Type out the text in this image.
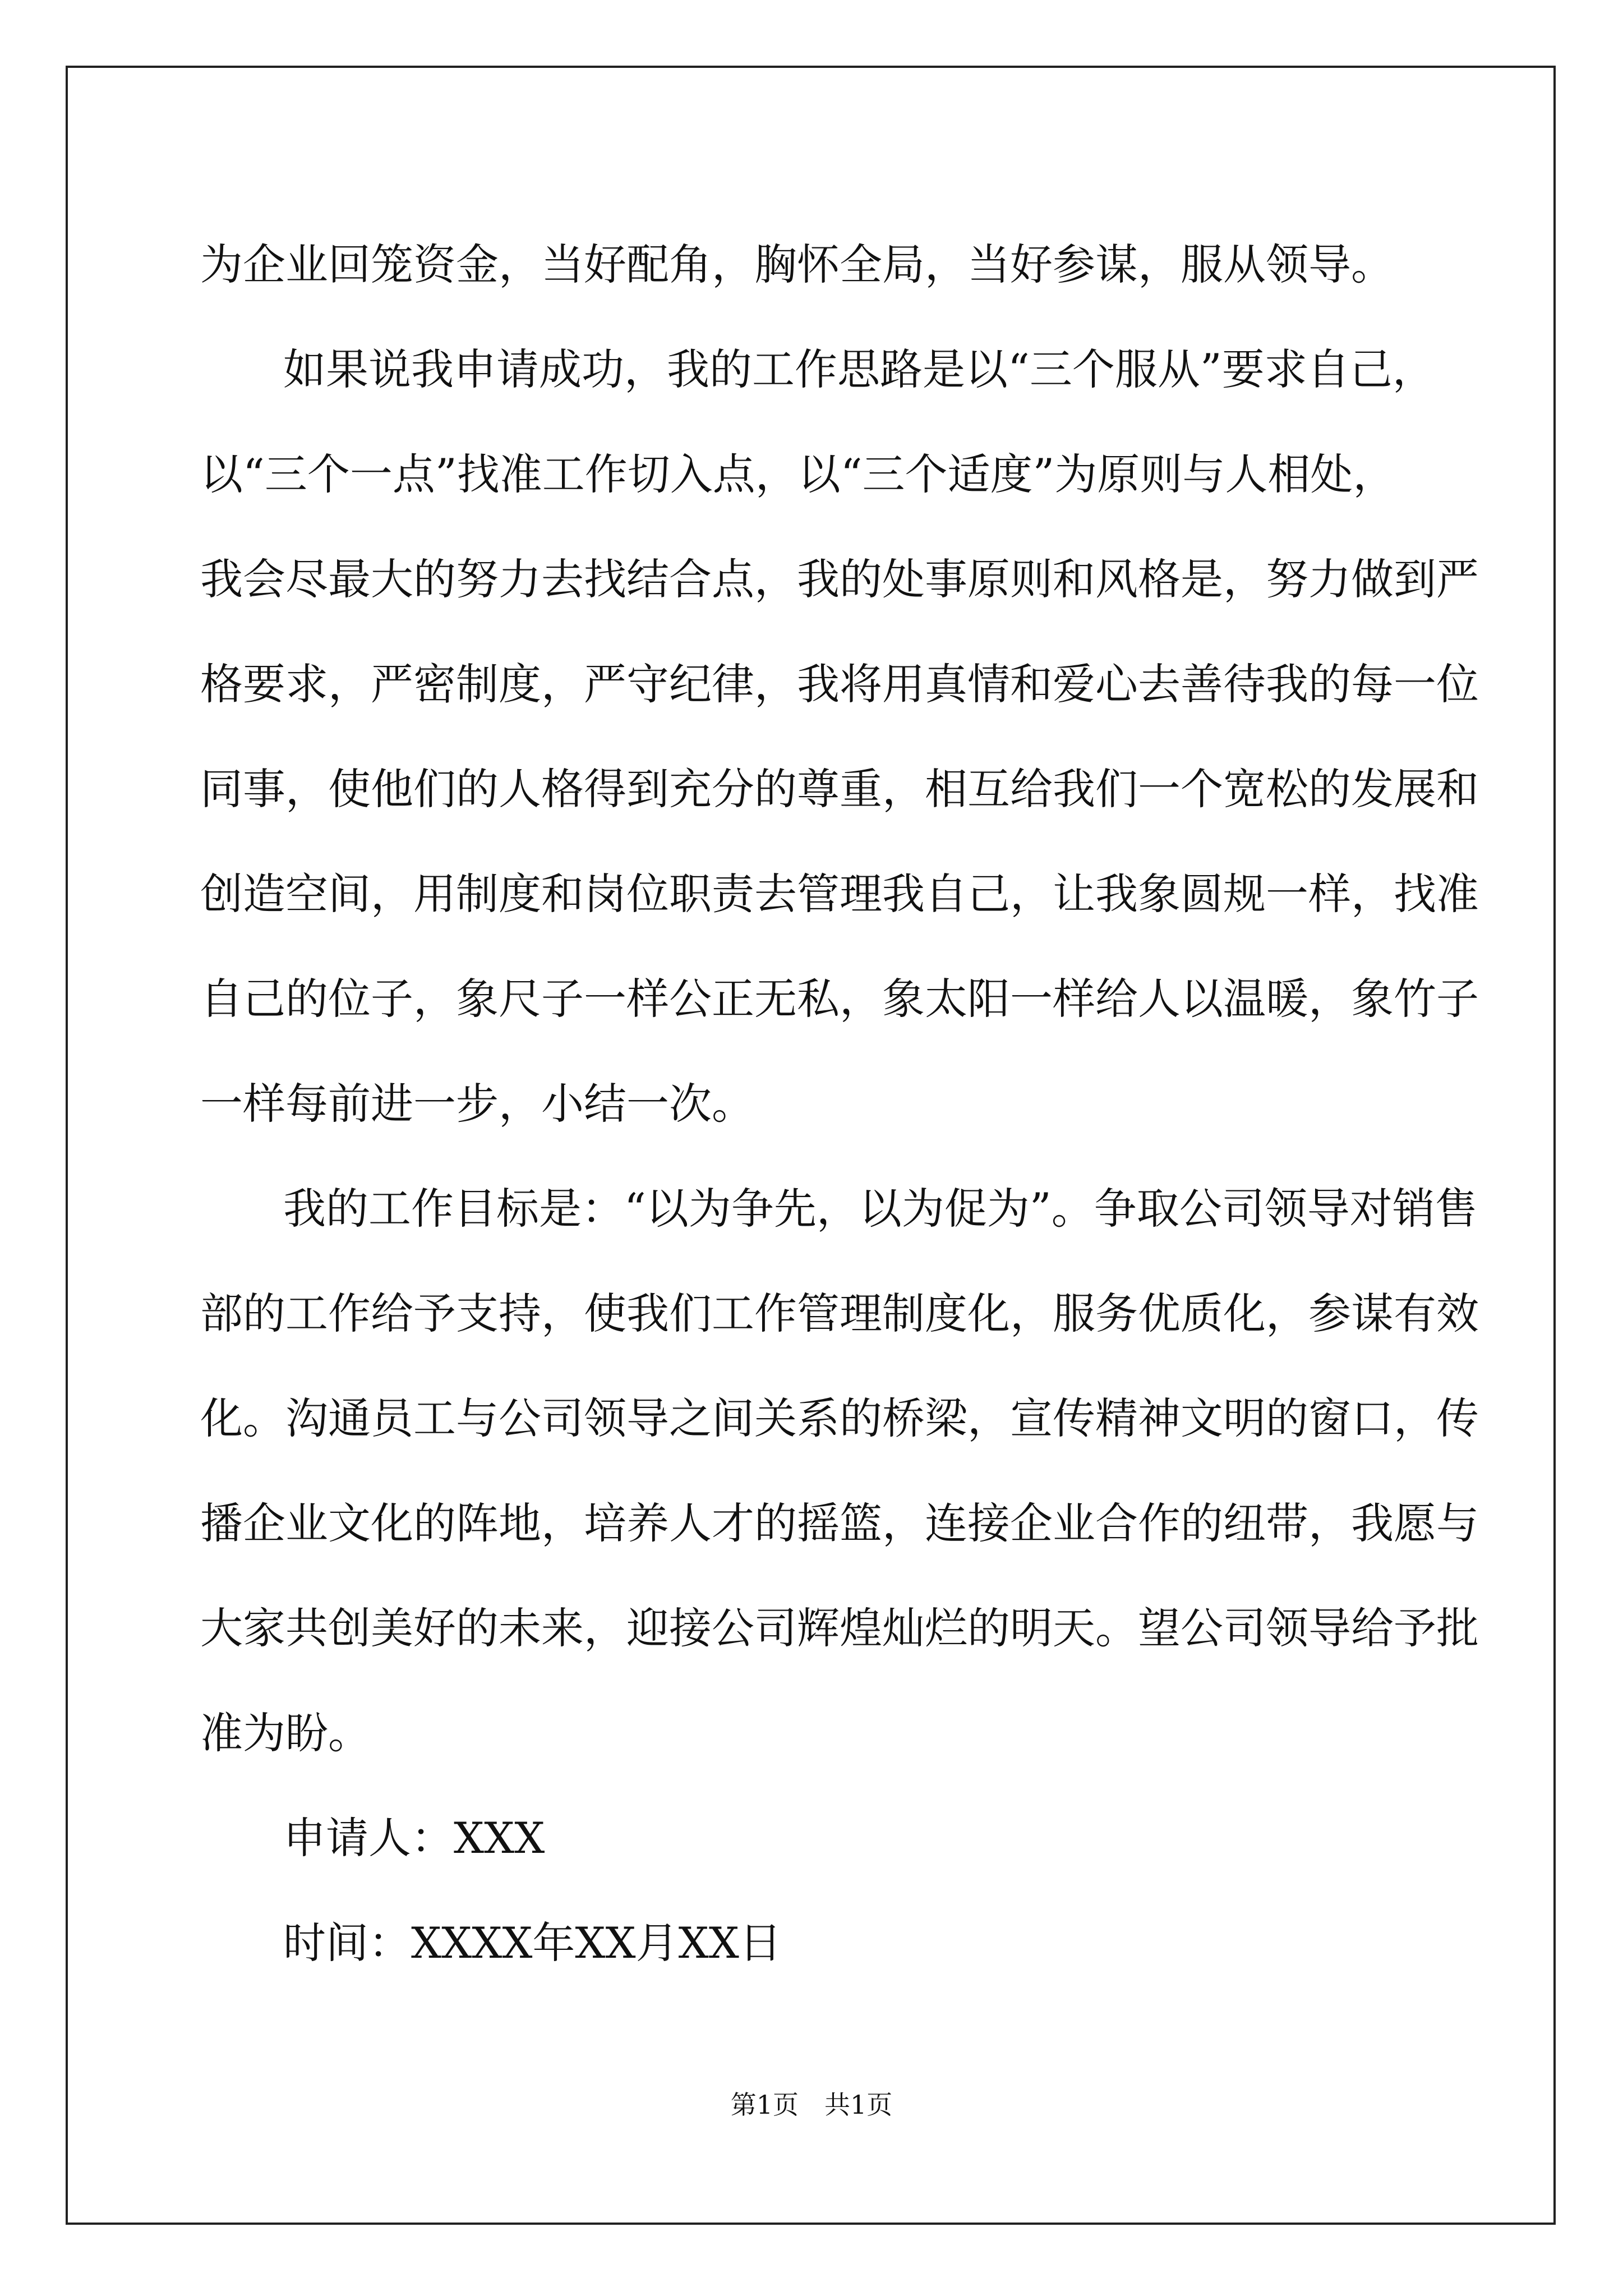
为企业回笼资金，当好配角，胸怀全局，当好参谋，服从领导。
如果说我申请成功，我的工作思路是以“三个服从”要求自己，
以“三个一点”找准工作切入点，以“三个适度”为原则与人相处，
我会尽最大的努力去找结合点，我的处事原则和风格是，努力做到严
格要求，严密制度，严守纪律，我将用真情和爱心去善待我的每一位
同事，使他们的人格得到充分的尊重，相互给我们一个宽松的发展和
创造空间，用制度和岗位职责去管理我自己，让我象圆规一样，找准
自己的位子，象尺子一样公正无私，象太阳一样给人以温暖，象竹子
一样每前进一步，小结一次。
我的工作目标是：“以为争先，以为促为”。争取公司领导对销售
部的工作给予支持，使我们工作管理制度化，服务优质化，参谋有效
化。沟通员工与公司领导之间关系的桥梁，宣传精神文明的窗口，传
播企业文化的阵地，培养人才的摇篮，连接企业合作的纽带，我愿与
大家共创美好的未来，迎接公司辉煌灿烂的明天。望公司领导给予批
准为盼。
申请人：XXX
时间：XXXX年XX月XX日
第1页　共1页
